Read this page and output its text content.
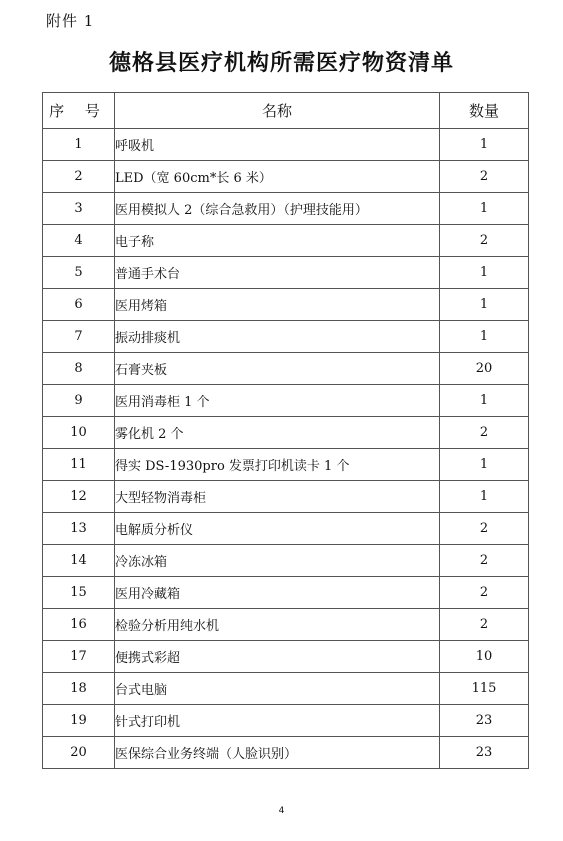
附件 1
德格县医疗机构所需医疗物资清单
序 号	名称	数量
1	呼吸机	1
2	LED（宽 60cm*长 6 米）	2
3	医用模拟人 2（综合急救用）（护理技能用）	1
4	电子称	2
5	普通手术台	1
6	医用烤箱	1
7	振动排痰机	1
8	石膏夹板	20
9	医用消毒柜 1 个	1
10	雾化机 2 个	2
11	得实 DS-1930pro 发票打印机读卡 1 个	1
12	大型轻物消毒柜	1
13	电解质分析仪	2
14	冷冻冰箱	2
15	医用冷藏箱	2
16	检验分析用纯水机	2
17	便携式彩超	10
18	台式电脑	115
19	针式打印机	23
20	医保综合业务终端（人脸识别）	23
4
